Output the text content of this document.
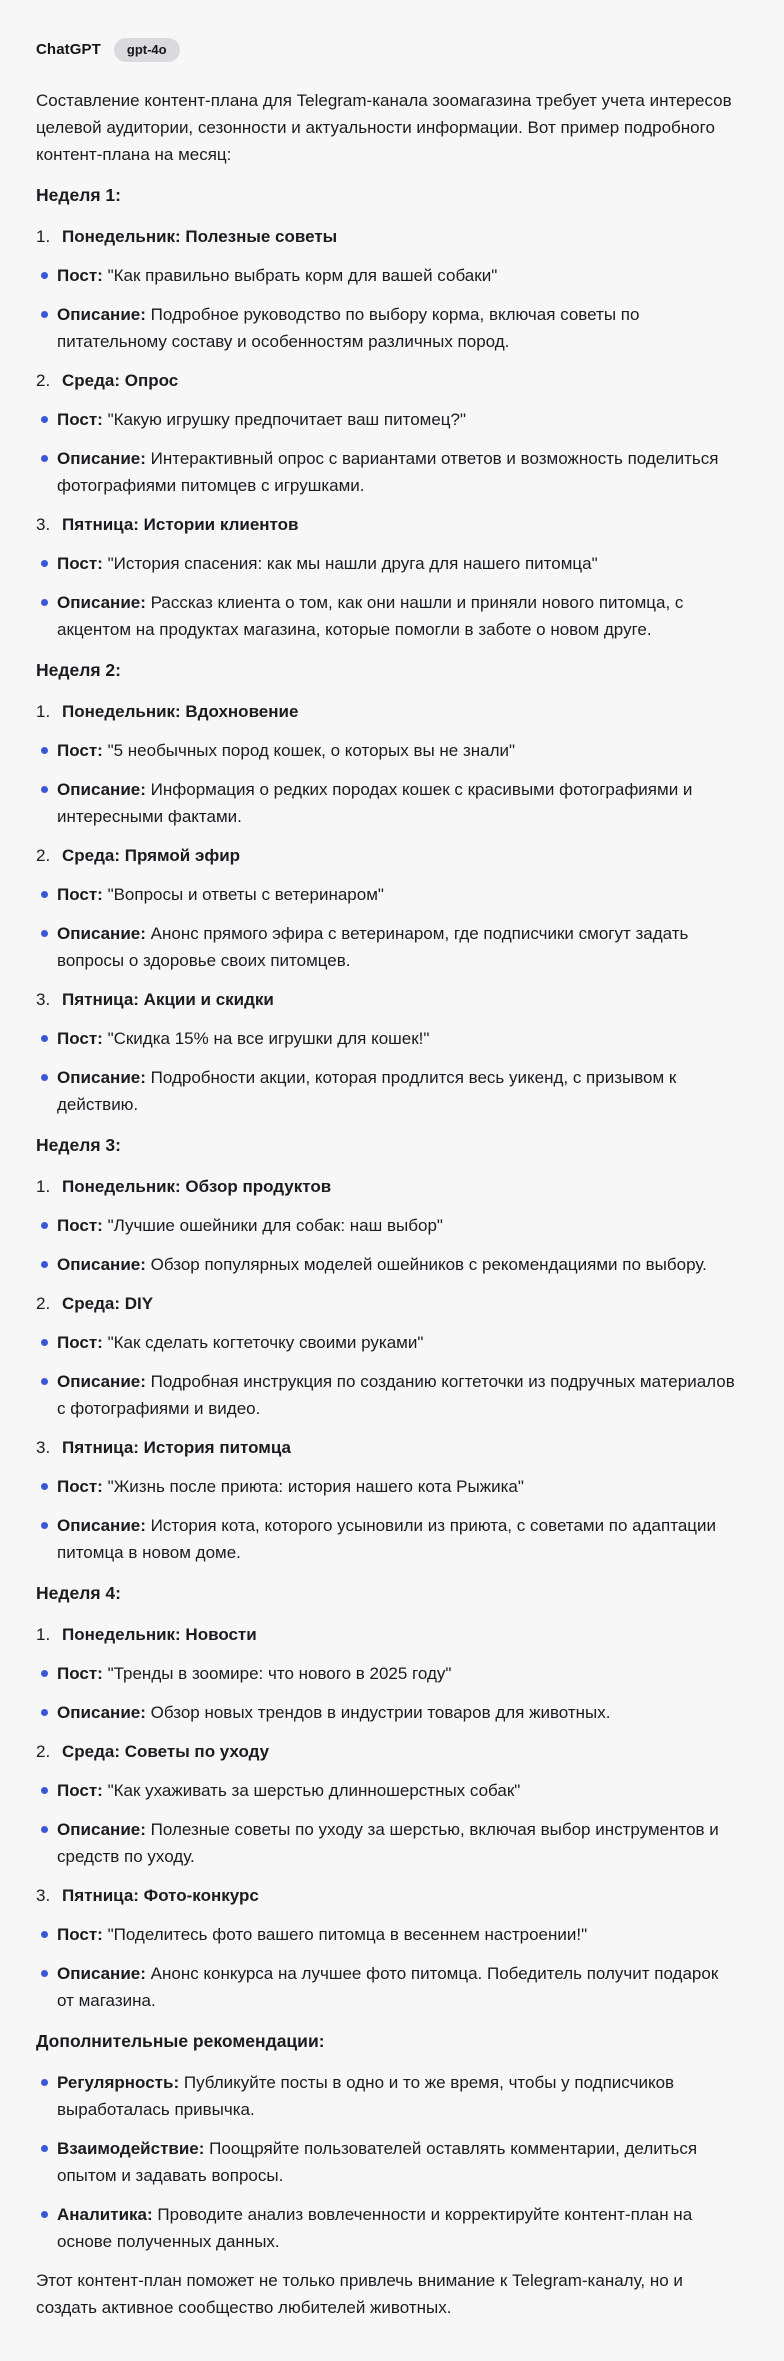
ChatGPT	gpt-4o

Составление контент-плана для Telegram-канала зоомагазина требует учета интересов целевой аудитории, сезонности и актуальности информации. Вот пример подробного контент-плана на месяц:

Неделя 1:
1. Понедельник: Полезные советы

Пост: "Как правильно выбрать корм для вашей собаки"

Описание: Подробное руководство по выбору корма, включая советы по питательному составу и особенностям различных пород.

2. Среда: Опрос

Пост: "Какую игрушку предпочитает ваш питомец?"

Описание: Интерактивный опрос с вариантами ответов и возможность поделиться фотографиями питомцев с игрушками.

3. Пятница: Истории клиентов

Пост: "История спасения: как мы нашли друга для нашего питомца"

Описание: Рассказ клиента о том, как они нашли и приняли нового питомца, с акцентом на продуктах магазина, которые помогли в заботе о новом друге.

Неделя 2:
1. Понедельник: Вдохновение

Пост: "5 необычных пород кошек, о которых вы не знали"

Описание: Информация о редких породах кошек с красивыми фотографиями и интересными фактами.

2. Среда: Прямой эфир

Пост: "Вопросы и ответы с ветеринаром"

Описание: Анонс прямого эфира с ветеринаром, где подписчики смогут задать вопросы о здоровье своих питомцев.

3. Пятница: Акции и скидки

Пост: "Скидка 15% на все игрушки для кошек!"

Описание: Подробности акции, которая продлится весь уикенд, с призывом к действию.

Неделя 3:
1. Понедельник: Обзор продуктов

Пост: "Лучшие ошейники для собак: наш выбор"

Описание: Обзор популярных моделей ошейников с рекомендациями по выбору.

2. Среда: DIY

Пост: "Как сделать когтеточку своими руками"

Описание: Подробная инструкция по созданию когтеточки из подручных материалов с фотографиями и видео.

3. Пятница: История питомца

Пост: "Жизнь после приюта: история нашего кота Рыжика"

Описание: История кота, которого усыновили из приюта, с советами по адаптации питомца в новом доме.

Неделя 4:
1. Понедельник: Новости

Пост: "Тренды в зоомире: что нового в 2025 году"

Описание: Обзор новых трендов в индустрии товаров для животных.

2. Среда: Советы по уходу

Пост: "Как ухаживать за шерстью длинношерстных собак"

Описание: Полезные советы по уходу за шерстью, включая выбор инструментов и средств по уходу.

3. Пятница: Фото-конкурс

Пост: "Поделитесь фото вашего питомца в весеннем настроении!"

Описание: Анонс конкурса на лучшее фото питомца. Победитель получит подарок от магазина.

Дополнительные рекомендации:

Регулярность: Публикуйте посты в одно и то же время, чтобы у подписчиков выработалась привычка.

Взаимодействие: Поощряйте пользователей оставлять комментарии, делиться опытом и задавать вопросы.

Аналитика: Проводите анализ вовлеченности и корректируйте контент-план на основе полученных данных.

Этот контент-план поможет не только привлечь внимание к Telegram-каналу, но и создать активное сообщество любителей животных.
